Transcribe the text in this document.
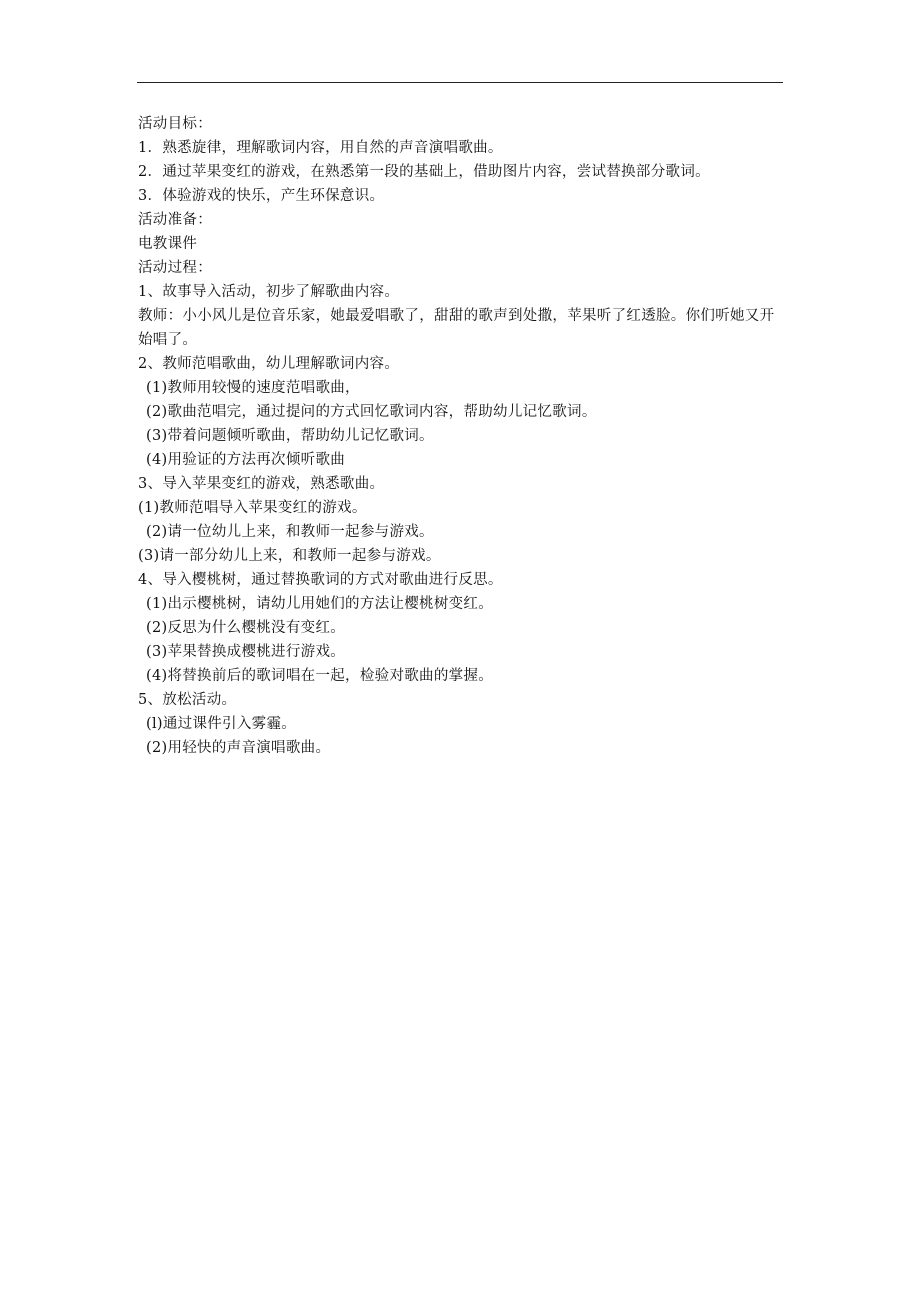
活动目标：
1．熟悉旋律，理解歌词内容，用自然的声音演唱歌曲。
2．通过苹果变红的游戏，在熟悉第一段的基础上，借助图片内容，尝试替换部分歌词。
3．体验游戏的快乐，产生环保意识。
活动准备：
电教课件
活动过程：
1、故事导入活动，初步了解歌曲内容。
教师：小小风儿是位音乐家，她最爱唱歌了，甜甜的歌声到处撒，苹果听了红透脸。你们听她又开始唱了。
2、教师范唱歌曲，幼儿理解歌词内容。
(1)教师用较慢的速度范唱歌曲，
(2)歌曲范唱完，通过提问的方式回忆歌词内容，帮助幼儿记忆歌词。
(3)带着问题倾听歌曲，帮助幼儿记忆歌词。
(4)用验证的方法再次倾听歌曲
3、导入苹果变红的游戏，熟悉歌曲。
(1)教师范唱导入苹果变红的游戏。
(2)请一位幼儿上来，和教师一起参与游戏。
(3)请一部分幼儿上来，和教师一起参与游戏。
4、导入樱桃树，通过替换歌词的方式对歌曲进行反思。
(1)出示樱桃树，请幼儿用她们的方法让樱桃树变红。
(2)反思为什么樱桃没有变红。
(3)苹果替换成樱桃进行游戏。
(4)将替换前后的歌词唱在一起，检验对歌曲的掌握。
5、放松活动。
(l)通过课件引入雾霾。
(2)用轻快的声音演唱歌曲。
